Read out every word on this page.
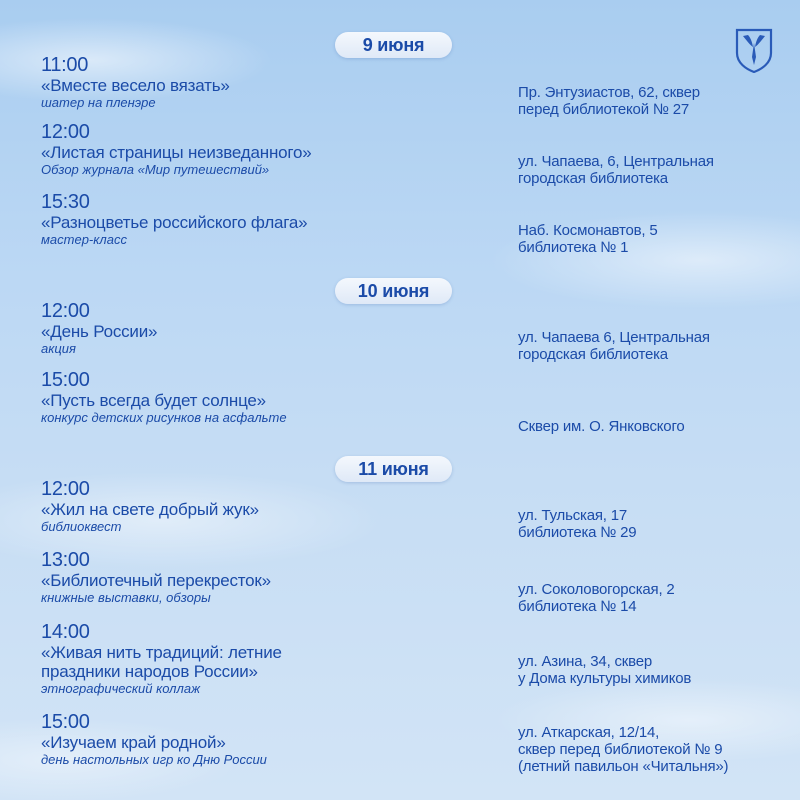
9 июня
11:00
«Вместе весело вязать»
шатер на пленэре
Пр. Энтузиастов, 62, сквер
перед библиотекой № 27
12:00
«Листая страницы неизведанного»
Обзор журнала «Мир путешествий»	ул. Чапаева, 6, Центральная
городская библиотека
15:30
«Разноцветье российского флага»
мастер-класс
Наб. Космонавтов, 5
библиотека № 1
10 июня
12:00
«День России»
акция
ул. Чапаева 6, Центральная
городская библиотека
15:00
«Пусть всегда будет солнце»
конкурс детских рисунков на асфальте
Сквер им. О. Янковского
11 июня
12:00
«Жил на свете добрый жук»
библиоквест
ул. Тульская, 17
библиотека № 29
13:00
«Библиотечный перекресток»
книжные выставки, обзоры	ул. Соколовогорская, 2
библиотека № 14
14:00
«Живая нить традиций: летние
праздники народов России»
этнографический коллаж
ул. Азина, 34, сквер
у Дома культуры химиков
15:00
«Изучаем край родной»
день настольных игр ко Дню России
ул. Аткарская, 12/14,
сквер перед библиотекой № 9
(летний павильон «Читальня»)
